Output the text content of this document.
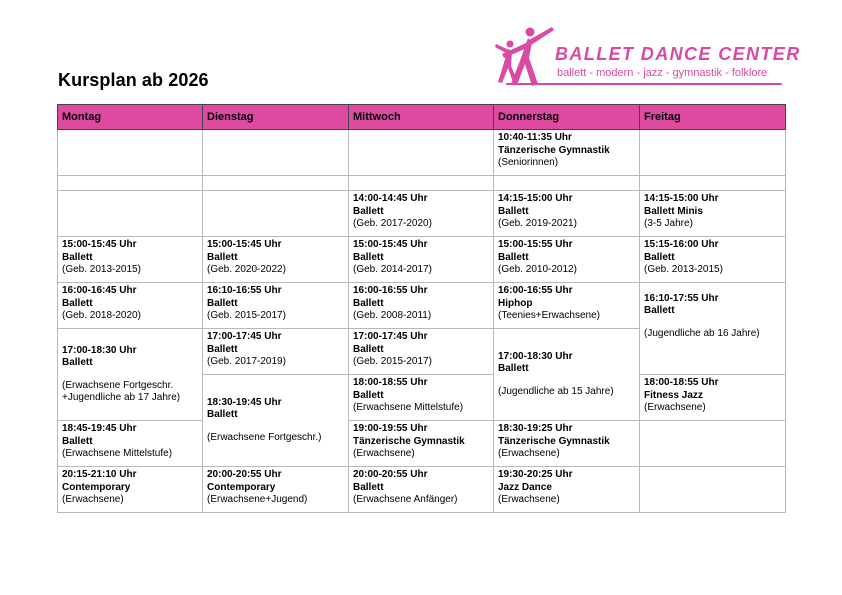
Kursplan ab 2026
BALLET DANCE CENTER
ballett - modern - jazz - gymnastik - folklore
Montag	Dienstag	Mittwoch	Donnerstag	Freitag

			10:40-11:35 Uhr
Tänzerische Gymnastik
(Seniorinnen)	

		14:00-14:45 Uhr
Ballett
(Geb. 2017-2020)	14:15-15:00 Uhr
Ballett
(Geb. 2019-2021)	14:15-15:00 Uhr
Ballett Minis
(3-5 Jahre)

15:00-15:45 Uhr
Ballett
(Geb. 2013-2015)	15:00-15:45 Uhr
Ballett
(Geb. 2020-2022)	15:00-15:45 Uhr
Ballett
(Geb. 2014-2017)	15:00-15:55 Uhr
Ballett
(Geb. 2010-2012)	15:15-16:00 Uhr
Ballett
(Geb. 2013-2015)

16:00-16:45 Uhr
Ballett
(Geb. 2018-2020)	16:10-16:55 Uhr
Ballett
(Geb. 2015-2017)	16:00-16:55 Uhr
Ballett
(Geb. 2008-2011)	16:00-16:55 Uhr
Hiphop
(Teenies+Erwachsene)	16:10-17:55 Uhr
Ballett
(Jugendliche ab 16 Jahre)

17:00-18:30 Uhr
Ballett
(Erwachsene Fortgeschr.
+Jugendliche ab 17 Jahre)	17:00-17:45 Uhr
Ballett
(Geb. 2017-2019)	17:00-17:45 Uhr
Ballett
(Geb. 2015-2017)	17:00-18:30 Uhr
Ballett
(Jugendliche ab 15 Jahre)	

	18:30-19:45 Uhr
Ballett
(Erwachsene Fortgeschr.)	18:00-18:55 Uhr
Ballett
(Erwachsene Mittelstufe)		18:00-18:55 Uhr
Fitness Jazz
(Erwachsene)

18:45-19:45 Uhr
Ballett
(Erwachsene Mittelstufe)		19:00-19:55 Uhr
Tänzerische Gymnastik
(Erwachsene)	18:30-19:25 Uhr
Tänzerische Gymnastik
(Erwachsene)	

20:15-21:10 Uhr
Contemporary
(Erwachsene)	20:00-20:55 Uhr
Contemporary
(Erwachsene+Jugend)	20:00-20:55 Uhr
Ballett
(Erwachsene Anfänger)	19:30-20:25 Uhr
Jazz Dance
(Erwachsene)	
